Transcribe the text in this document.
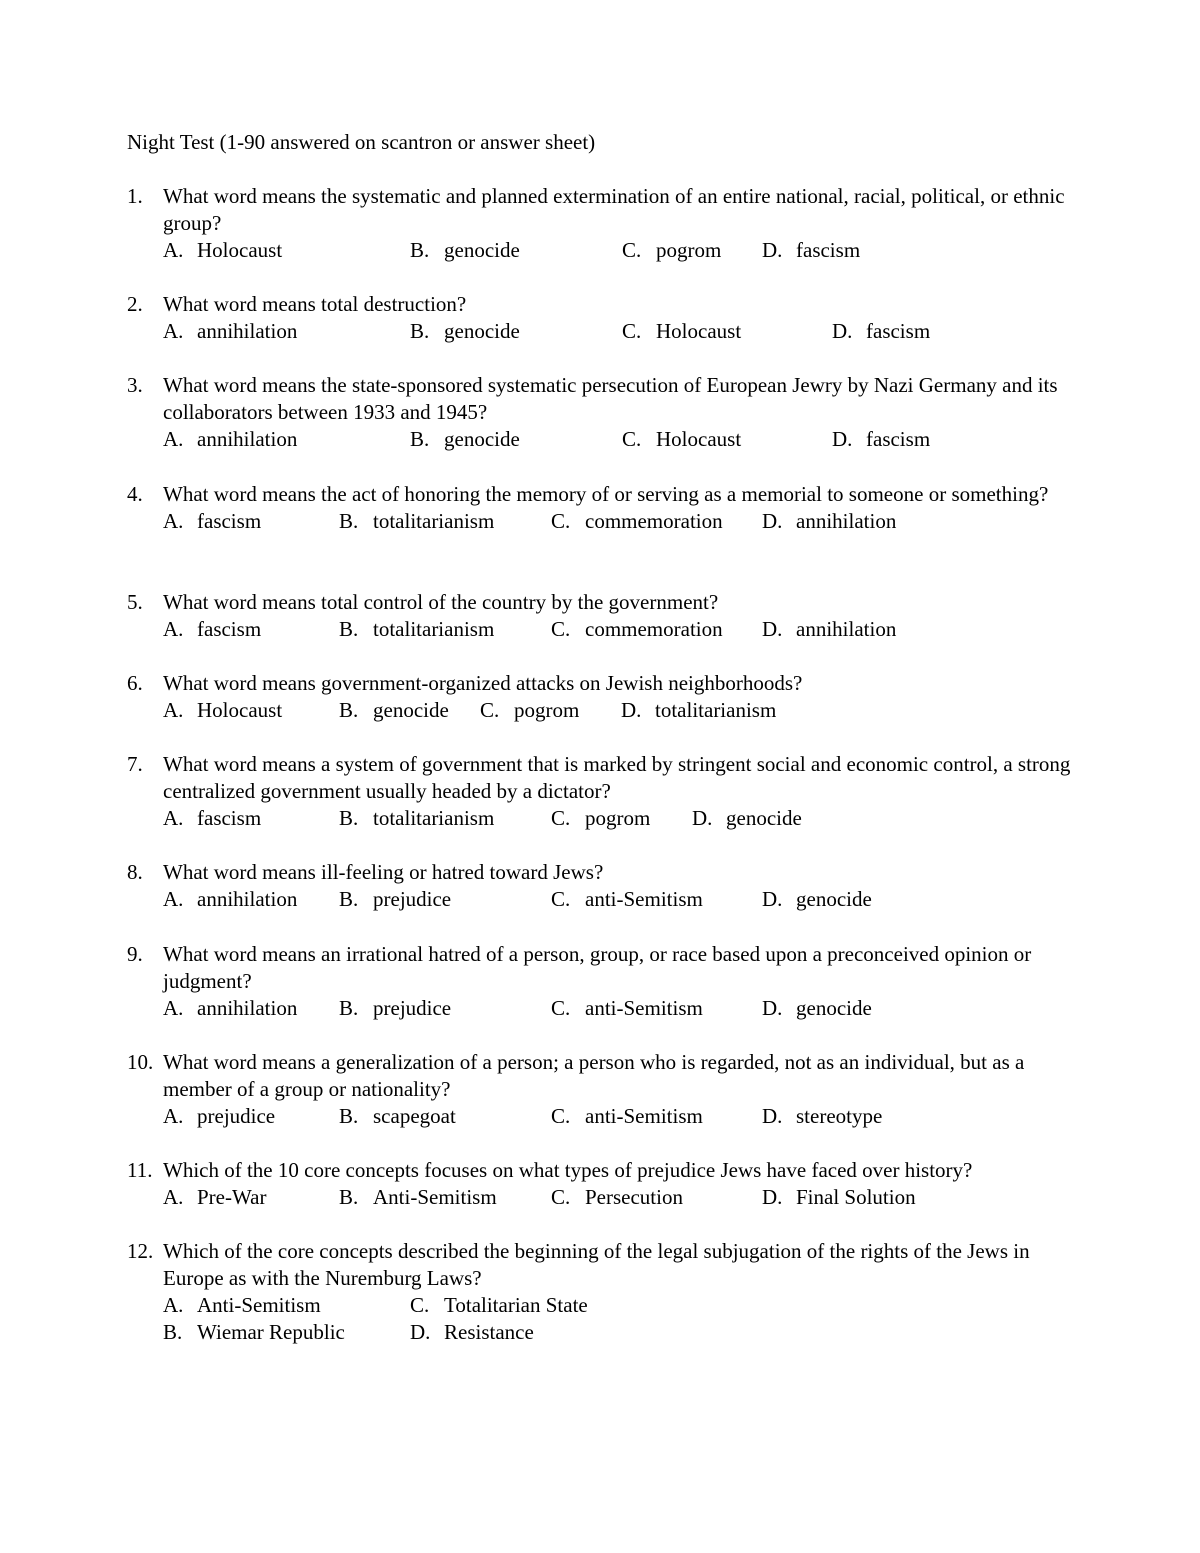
Night Test (1-90 answered on scantron or answer sheet)
1. What word means the systematic and planned extermination of an entire national, racial, political, or ethnic group?
A. Holocaust	B. genocide	C. pogrom D. fascism
2. What word means total destruction?
A. annihilation	B. genocide	C. Holocaust	D. fascism
3. What word means the state-sponsored systematic persecution of European Jewry by Nazi Germany and its collaborators between 1933 and 1945?
A. annihilation	B. genocide	C. Holocaust	D. fascism
4. What word means the act of honoring the memory of or serving as a memorial to someone or something?
A. fascism	B. totalitarianism	C. commemoration D. annihilation
5. What word means total control of the country by the government?
A. fascism	B. totalitarianism	C. commemoration D. annihilation
6. What word means government-organized attacks on Jewish neighborhoods?
A. Holocaust	B. genocide C. pogrom D. totalitarianism
7. What word means a system of government that is marked by stringent social and economic control, a strong centralized government usually headed by a dictator?
A. fascism	B. totalitarianism	C. pogrom D. genocide
8. What word means ill-feeling or hatred toward Jews?
A. annihilation B. prejudice	C. anti-Semitism	D. genocide
9. What word means an irrational hatred of a person, group, or race based upon a preconceived opinion or judgment?
A. annihilation B. prejudice	C. anti-Semitism	D. genocide
10. What word means a generalization of a person; a person who is regarded, not as an individual, but as a member of a group or nationality?
A. prejudice	B. scapegoat	C. anti-Semitism	D. stereotype
11. Which of the 10 core concepts focuses on what types of prejudice Jews have faced over history?
A. Pre-War	B. Anti-Semitism	C. Persecution	D. Final Solution
12. Which of the core concepts described the beginning of the legal subjugation of the rights of the Jews in Europe as with the Nuremburg Laws?
A. Anti-Semitism	C. Totalitarian State
B. Wiemar Republic	D. Resistance
